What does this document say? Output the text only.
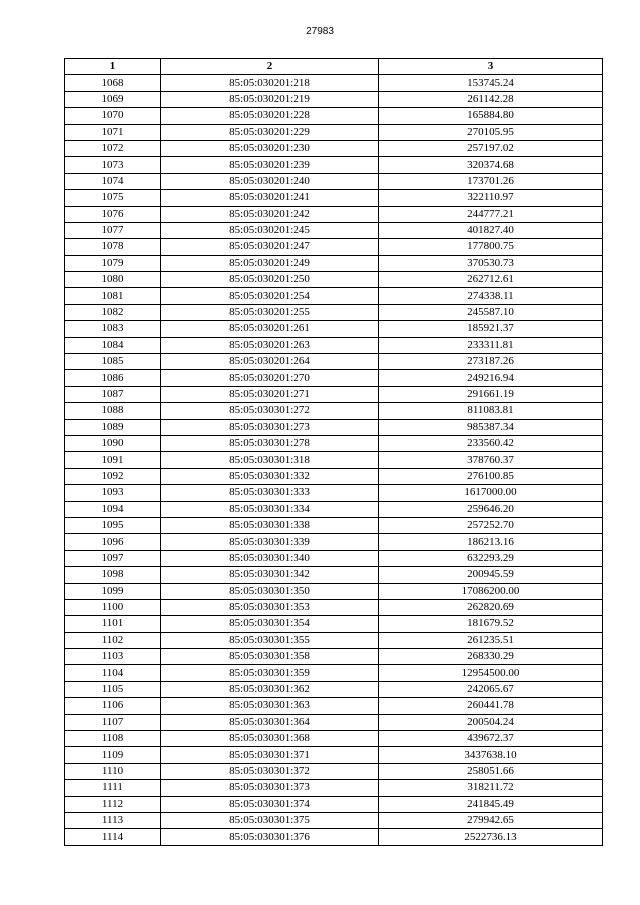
27983
1	2	3
1068	85:05:030201:218	153745.24
1069	85:05:030201:219	261142.28
1070	85:05:030201:228	165884.80
1071	85:05:030201:229	270105.95
1072	85:05:030201:230	257197.02
1073	85:05:030201:239	320374.68
1074	85:05:030201:240	173701.26
1075	85:05:030201:241	322110.97
1076	85:05:030201:242	244777.21
1077	85:05:030201:245	401827.40
1078	85:05:030201:247	177800.75
1079	85:05:030201:249	370530.73
1080	85:05:030201:250	262712.61
1081	85:05:030201:254	274338.11
1082	85:05:030201:255	245587.10
1083	85:05:030201:261	185921.37
1084	85:05:030201:263	233311.81
1085	85:05:030201:264	273187.26
1086	85:05:030201:270	249216.94
1087	85:05:030201:271	291661.19
1088	85:05:030301:272	811083.81
1089	85:05:030301:273	985387.34
1090	85:05:030301:278	233560.42
1091	85:05:030301:318	378760.37
1092	85:05:030301:332	276100.85
1093	85:05:030301:333	1617000.00
1094	85:05:030301:334	259646.20
1095	85:05:030301:338	257252.70
1096	85:05:030301:339	186213.16
1097	85:05:030301:340	632293.29
1098	85:05:030301:342	200945.59
1099	85:05:030301:350	17086200.00
1100	85:05:030301:353	262820.69
1101	85:05:030301:354	181679.52
1102	85:05:030301:355	261235.51
1103	85:05:030301:358	268330.29
1104	85:05:030301:359	12954500.00
1105	85:05:030301:362	242065.67
1106	85:05:030301:363	260441.78
1107	85:05:030301:364	200504.24
1108	85:05:030301:368	439672.37
1109	85:05:030301:371	3437638.10
1110	85:05:030301:372	258051.66
1111	85:05:030301:373	318211.72
1112	85:05:030301:374	241845.49
1113	85:05:030301:375	279942.65
1114	85:05:030301:376	2522736.13
